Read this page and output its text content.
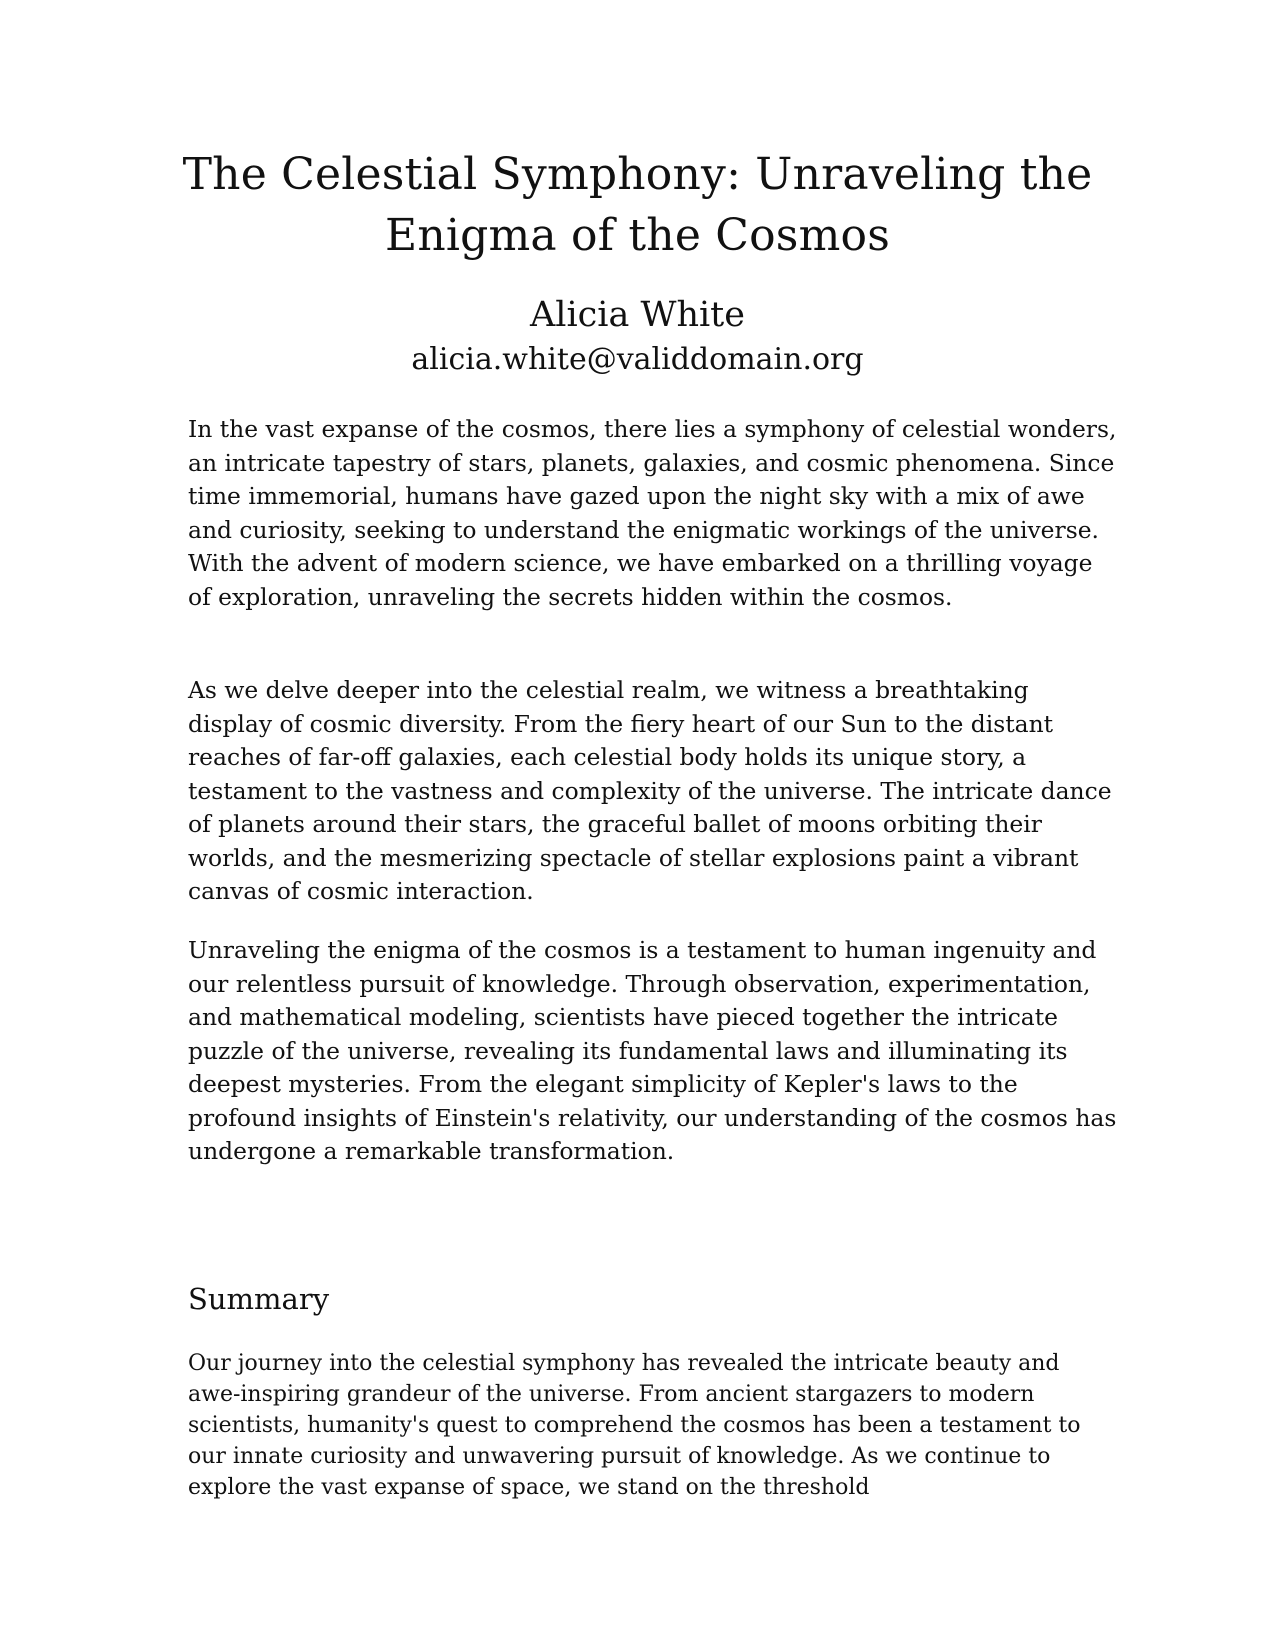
The Celestial Symphony: Unraveling the Enigma of the Cosmos
Alicia White
alicia.white@validdomain.org

In the vast expanse of the cosmos, there lies a symphony of celestial wonders, an intricate tapestry of stars, planets, galaxies, and cosmic phenomena. Since time immemorial, humans have gazed upon the night sky with a mix of awe and curiosity, seeking to understand the enigmatic workings of the universe. With the advent of modern science, we have embarked on a thrilling voyage of exploration, unraveling the secrets hidden within the cosmos.

As we delve deeper into the celestial realm, we witness a breathtaking display of cosmic diversity. From the fiery heart of our Sun to the distant reaches of far-off galaxies, each celestial body holds its unique story, a testament to the vastness and complexity of the universe. The intricate dance of planets around their stars, the graceful ballet of moons orbiting their worlds, and the mesmerizing spectacle of stellar explosions paint a vibrant canvas of cosmic interaction.

Unraveling the enigma of the cosmos is a testament to human ingenuity and our relentless pursuit of knowledge. Through observation, experimentation, and mathematical modeling, scientists have pieced together the intricate puzzle of the universe, revealing its fundamental laws and illuminating its deepest mysteries. From the elegant simplicity of Kepler's laws to the profound insights of Einstein's relativity, our understanding of the cosmos has undergone a remarkable transformation.

Summary

Our journey into the celestial symphony has revealed the intricate beauty and awe-inspiring grandeur of the universe. From ancient stargazers to modern scientists, humanity's quest to comprehend the cosmos has been a testament to our innate curiosity and unwavering pursuit of knowledge. As we continue to explore the vast expanse of space, we stand on the threshold
